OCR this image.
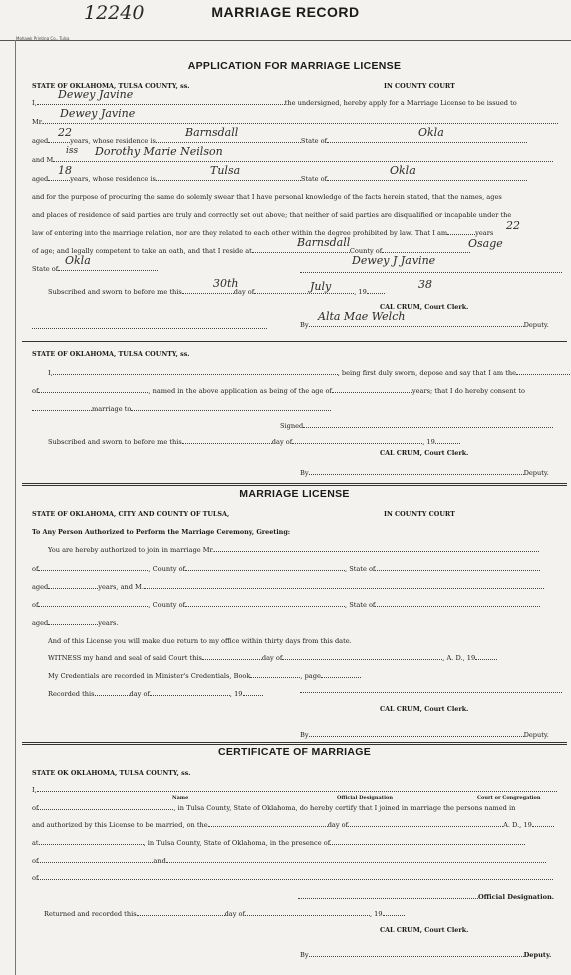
12240	MARRIAGE RECORD
Mohawk Printing Co., Tulsa
APPLICATION FOR MARRIAGE LICENSE
STATE OF OKLAHOMA, TULSA COUNTY, ss.	IN COUNTY COURT
I,	the undersigned, hereby apply for a Marriage License to be issued to
Dewey Javine
Mr.
Dewey Javine
aged	years, whose residence is	State of
22	Barnsdall	Okla
and M
iss Dorothy Marie Neilson
aged	years, whose residence is	State of
18	Tulsa	Okla
and for the purpose of procuring the same do solemly swear that I have personal knowledge of the facts herein stated, that the names, ages
and places of residence of said parties are truly and correctly set out above; that neither of said parties are disqualified or incapable under the
law of entering into the marriage relation, nor are they related to each other within the degree prohibited by law. That I am	years
22
of age; and legally competent to take an oath, and that I reside at	County of
Barnsdall	Osage
State of
Okla	Dewey J Javine
Subscribed and sworn to before me this	day of	, 19
30th	July	38
CAL CRUM, Court Clerk.
By	Deputy.
Alta Mae Welch
STATE OF OKLAHOMA, TULSA COUNTY, ss.
I,	, being first duly sworn, depose and say that I am the
of	, named in the above application as being of the age of	years; that I do hereby consent to
marriage to
Signed
Subscribed and sworn to before me this	day of	, 19
CAL CRUM, Court Clerk.
By	Deputy.
MARRIAGE LICENSE
STATE OF OKLAHOMA, CITY AND COUNTY OF TULSA,	IN COUNTY COURT
To Any Person Authorized to Perform the Marriage Ceremony, Greeting:
You are hereby authorized to join in marriage Mr.
of	, County of	, State of
aged	years, and M.
of	, County of	, State of
aged	years.
And of this License you will make due return to my office within thirty days from this date.
WITNESS my hand and seal of said Court this	day of	, A. D., 19
My Credentials are recorded in Minister's Credentials, Book	, page
Recorded this	day of	, 19
CAL CRUM, Court Clerk.
By	Deputy.
CERTIFICATE OF MARRIAGE
STATE OK OKLAHOMA, TULSA COUNTY, ss.
I,
Name	Official Designation	Court or Congregation
of	, in Tulsa County, State of Oklahoma, do hereby certify that I joined in marriage the persons named in
and authorized by this License to be married, on the	day of	A. D., 19
at	, in Tulsa County, State of Oklahoma, in the presence of
of	and
of
Official Designation.
Returned and recorded this	day of	, 19
CAL CRUM, Court Clerk.
By	Deputy.
